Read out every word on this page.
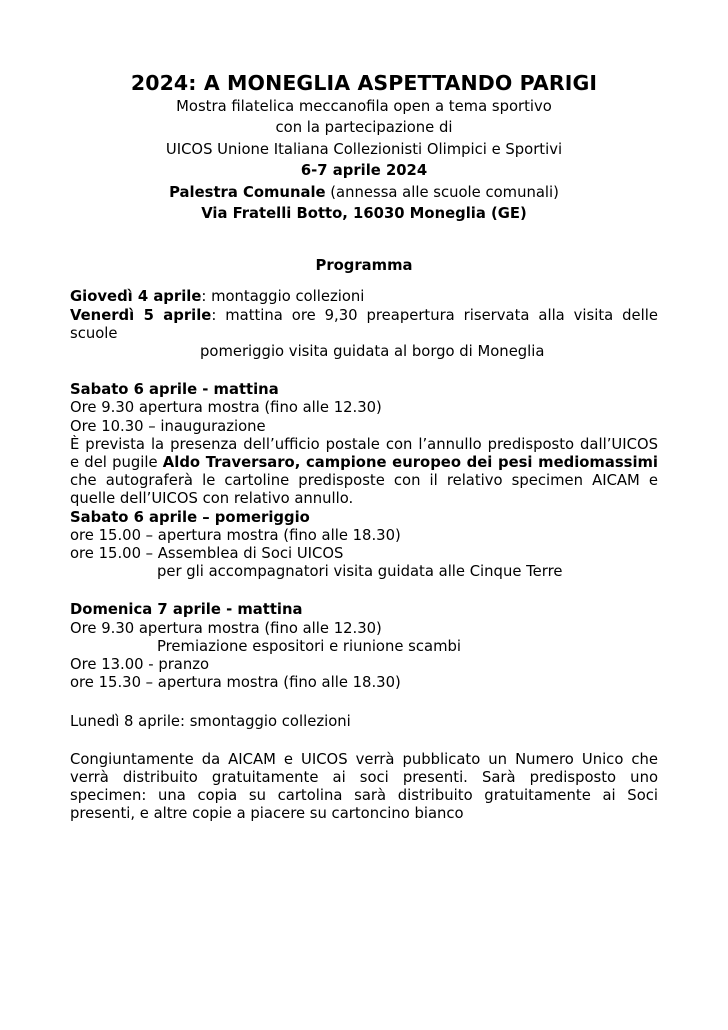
2024: A MONEGLIA ASPETTANDO PARIGI

Mostra filatelica meccanofila open a tema sportivo

con la partecipazione di

UICOS Unione Italiana Collezionisti Olimpici e Sportivi

6-7 aprile 2024

Palestra Comunale (annessa alle scuole comunali)

Via Fratelli Botto, 16030 Moneglia (GE)

Programma

Giovedì 4 aprile: montaggio collezioni

Venerdì 5 aprile: mattina ore 9,30 preapertura riservata alla visita delle scuole

pomeriggio visita guidata al borgo di Moneglia

Sabato 6 aprile - mattina

Ore 9.30 apertura mostra (fino alle 12.30)

Ore 10.30 – inaugurazione

È prevista la presenza dell’ufficio postale con l’annullo predisposto dall’UICOS e del pugile Aldo Traversaro, campione europeo dei pesi mediomassimi che autograferà le cartoline predisposte con il relativo specimen AICAM e quelle dell’UICOS con relativo annullo.

Sabato 6 aprile – pomeriggio

ore 15.00 – apertura mostra (fino alle 18.30)

ore 15.00 – Assemblea di Soci UICOS

per gli accompagnatori visita guidata alle Cinque Terre

Domenica 7 aprile - mattina

Ore 9.30 apertura mostra (fino alle 12.30)

Premiazione espositori e riunione scambi

Ore 13.00 - pranzo

ore 15.30 – apertura mostra (fino alle 18.30)

Lunedì 8 aprile: smontaggio collezioni

Congiuntamente da AICAM e UICOS verrà pubblicato un Numero Unico che verrà distribuito gratuitamente ai soci presenti. Sarà predisposto uno specimen: una copia su cartolina sarà distribuito gratuitamente ai Soci presenti, e altre copie a piacere su cartoncino bianco
